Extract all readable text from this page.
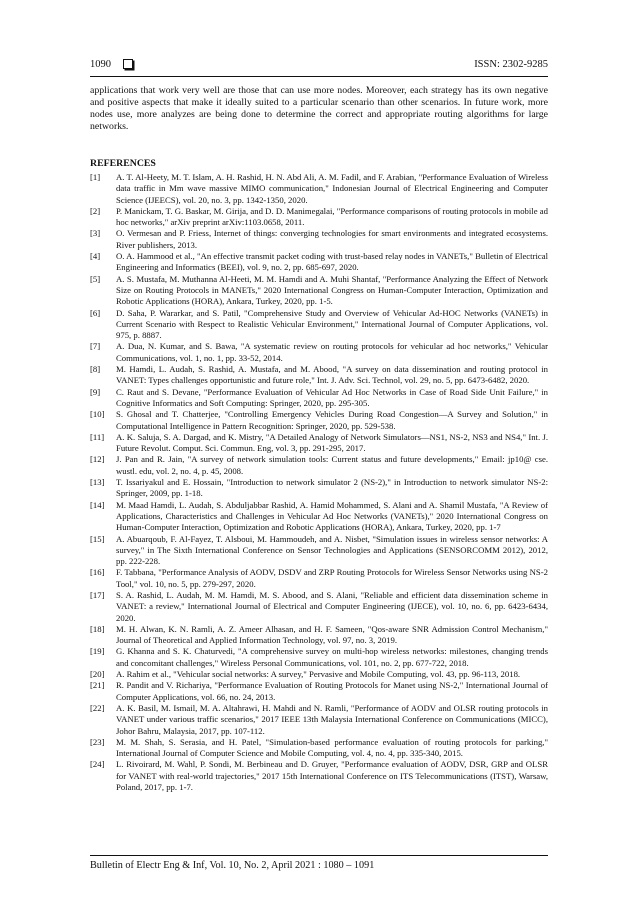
1090	ISSN: 2302-9285

applications that work very well are those that can use more nodes. Moreover, each strategy has its own negative and positive aspects that make it ideally suited to a particular scenario than other scenarios. In future work, more nodes use, more analyzes are being done to determine the correct and appropriate routing algorithms for large networks.

REFERENCES
[1]	A. T. Al-Heety, M. T. Islam, A. H. Rashid, H. N. Abd Ali, A. M. Fadil, and F. Arabian, "Performance Evaluation of Wireless data traffic in Mm wave massive MIMO communication," Indonesian Journal of Electrical Engineering and Computer Science (IJEECS), vol. 20, no. 3, pp. 1342-1350, 2020.
[2]	P. Manickam, T. G. Baskar, M. Girija, and D. D. Manimegalai, "Performance comparisons of routing protocols in mobile ad hoc networks," arXiv preprint arXiv:1103.0658, 2011.
[3]	O. Vermesan and P. Friess, Internet of things: converging technologies for smart environments and integrated ecosystems. River publishers, 2013.
[4]	O. A. Hammood et al., "An effective transmit packet coding with trust-based relay nodes in VANETs," Bulletin of Electrical Engineering and Informatics (BEEI), vol. 9, no. 2, pp. 685-697, 2020.
[5]	A. S. Mustafa, M. Muthanna Al-Heeti, M. M. Hamdi and A. Muhi Shantaf, "Performance Analyzing the Effect of Network Size on Routing Protocols in MANETs," 2020 International Congress on Human-Computer Interaction, Optimization and Robotic Applications (HORA), Ankara, Turkey, 2020, pp. 1-5.
[6]	D. Saha, P. Wararkar, and S. Patil, "Comprehensive Study and Overview of Vehicular Ad-HOC Networks (VANETs) in Current Scenario with Respect to Realistic Vehicular Environment," International Journal of Computer Applications, vol. 975, p. 8887.
[7]	A. Dua, N. Kumar, and S. Bawa, "A systematic review on routing protocols for vehicular ad hoc networks," Vehicular Communications, vol. 1, no. 1, pp. 33-52, 2014.
[8]	M. Hamdi, L. Audah, S. Rashid, A. Mustafa, and M. Abood, "A survey on data dissemination and routing protocol in VANET: Types challenges opportunistic and future role," Int. J. Adv. Sci. Technol, vol. 29, no. 5, pp. 6473-6482, 2020.
[9]	C. Raut and S. Devane, "Performance Evaluation of Vehicular Ad Hoc Networks in Case of Road Side Unit Failure," in Cognitive Informatics and Soft Computing: Springer, 2020, pp. 295-305.
[10]	S. Ghosal and T. Chatterjee, "Controlling Emergency Vehicles During Road Congestion—A Survey and Solution," in Computational Intelligence in Pattern Recognition: Springer, 2020, pp. 529-538.
[11]	A. K. Saluja, S. A. Dargad, and K. Mistry, "A Detailed Analogy of Network Simulators—NS1, NS-2, NS3 and NS4," Int. J. Future Revolut. Comput. Sci. Commun. Eng, vol. 3, pp. 291-295, 2017.
[12]	J. Pan and R. Jain, "A survey of network simulation tools: Current status and future developments," Email: jp10@ cse. wustl. edu, vol. 2, no. 4, p. 45, 2008.
[13]	T. Issariyakul and E. Hossain, "Introduction to network simulator 2 (NS-2)," in Introduction to network simulator NS-2: Springer, 2009, pp. 1-18.
[14]	M. Maad Hamdi, L. Audah, S. Abduljabbar Rashid, A. Hamid Mohammed, S. Alani and A. Shamil Mustafa, "A Review of Applications, Characteristics and Challenges in Vehicular Ad Hoc Networks (VANETs)," 2020 International Congress on Human-Computer Interaction, Optimization and Robotic Applications (HORA), Ankara, Turkey, 2020, pp. 1-7
[15]	A. Abuarqoub, F. Al-Fayez, T. Alsboui, M. Hammoudeh, and A. Nisbet, "Simulation issues in wireless sensor networks: A survey," in The Sixth International Conference on Sensor Technologies and Applications (SENSORCOMM 2012), 2012, pp. 222-228.
[16]	F. Tabbana, "Performance Analysis of AODV, DSDV and ZRP Routing Protocols for Wireless Sensor Networks using NS-2 Tool," vol. 10, no. 5, pp. 279-297, 2020.
[17]	S. A. Rashid, L. Audah, M. M. Hamdi, M. S. Abood, and S. Alani, "Reliable and efficient data dissemination scheme in VANET: a review," International Journal of Electrical and Computer Engineering (IJECE), vol. 10, no. 6, pp. 6423-6434, 2020.
[18]	M. H. Alwan, K. N. Ramli, A. Z. Ameer Alhasan, and H. F. Sameen, "Qos-aware SNR Admission Control Mechanism," Journal of Theoretical and Applied Information Technology, vol. 97, no. 3, 2019.
[19]	G. Khanna and S. K. Chaturvedi, "A comprehensive survey on multi-hop wireless networks: milestones, changing trends and concomitant challenges," Wireless Personal Communications, vol. 101, no. 2, pp. 677-722, 2018.
[20]	A. Rahim et al., "Vehicular social networks: A survey," Pervasive and Mobile Computing, vol. 43, pp. 96-113, 2018.
[21]	R. Pandit and V. Richariya, "Performance Evaluation of Routing Protocols for Manet using NS-2," International Journal of Computer Applications, vol. 66, no. 24, 2013.
[22]	A. K. Basil, M. Ismail, M. A. Altahrawi, H. Mahdi and N. Ramli, "Performance of AODV and OLSR routing protocols in VANET under various traffic scenarios," 2017 IEEE 13th Malaysia International Conference on Communications (MICC), Johor Bahru, Malaysia, 2017, pp. 107-112.
[23]	M. M. Shah, S. Serasia, and H. Patel, "Simulation-based performance evaluation of routing protocols for parking," International Journal of Computer Science and Mobile Computing, vol. 4, no. 4, pp. 335-340, 2015.
[24]	L. Rivoirard, M. Wahl, P. Sondi, M. Berbineau and D. Gruyer, "Performance evaluation of AODV, DSR, GRP and OLSR for VANET with real-world trajectories," 2017 15th International Conference on ITS Telecommunications (ITST), Warsaw, Poland, 2017, pp. 1-7.
Bulletin of Electr Eng & Inf, Vol. 10, No. 2, April 2021 : 1080 – 1091
